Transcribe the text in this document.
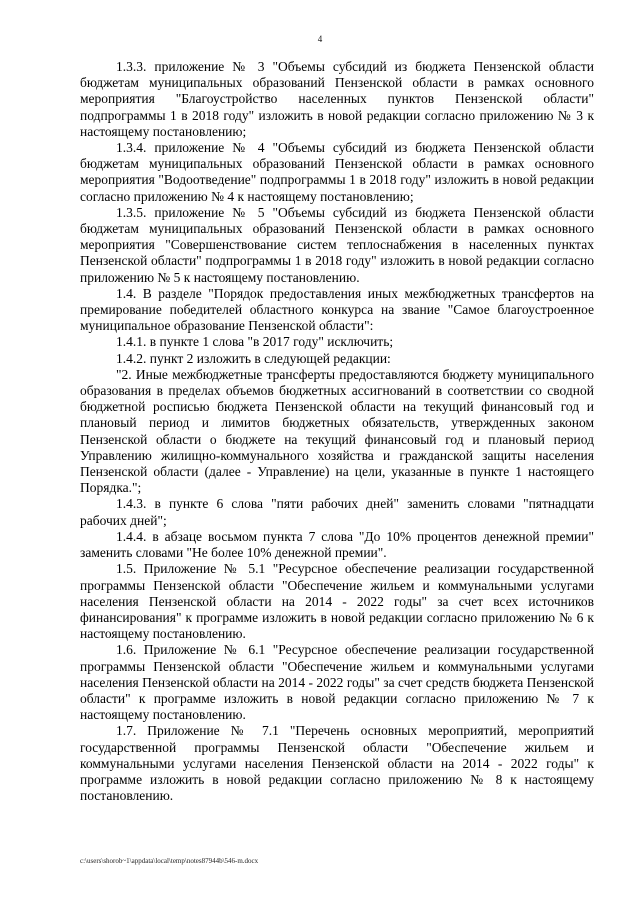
4

1.3.3. приложение № 3 "Объемы субсидий из бюджета Пензенской области бюджетам муниципальных образований Пензенской области в рамках основного мероприятия "Благоустройство населенных пунктов Пензенской области" подпрограммы 1 в 2018 году" изложить в новой редакции согласно приложению № 3 к настоящему постановлению;

1.3.4. приложение № 4 "Объемы субсидий из бюджета Пензенской области бюджетам муниципальных образований Пензенской области в рамках основного мероприятия "Водоотведение" подпрограммы 1 в 2018 году" изложить в новой редакции согласно приложению № 4 к настоящему постановлению;

1.3.5. приложение № 5 "Объемы субсидий из бюджета Пензенской области бюджетам муниципальных образований Пензенской области в рамках основного мероприятия "Совершенствование систем теплоснабжения в населенных пунктах Пензенской области" подпрограммы 1 в 2018 году" изложить в новой редакции согласно приложению № 5 к настоящему постановлению.

1.4. В разделе "Порядок предоставления иных межбюджетных трансфертов на премирование победителей областного конкурса на звание "Самое благоустроенное муниципальное образование Пензенской области":

1.4.1. в пункте 1 слова "в 2017 году" исключить;

1.4.2. пункт 2 изложить в следующей редакции:

"2. Иные межбюджетные трансферты предоставляются бюджету муниципального образования в пределах объемов бюджетных ассигнований в соответствии со сводной бюджетной росписью бюджета Пензенской области на текущий финансовый год и плановый период и лимитов бюджетных обязательств, утвержденных законом Пензенской области о бюджете на текущий финансовый год и плановый период Управлению жилищно-коммунального хозяйства и гражданской защиты населения Пензенской области (далее - Управление) на цели, указанные в пункте 1 настоящего Порядка.";

1.4.3. в пункте 6 слова "пяти рабочих дней" заменить словами "пятнадцати рабочих дней";

1.4.4. в абзаце восьмом пункта 7 слова "До 10% процентов денежной премии" заменить словами "Не более 10% денежной премии".

1.5. Приложение № 5.1 "Ресурсное обеспечение реализации государственной программы Пензенской области "Обеспечение жильем и коммунальными услугами населения Пензенской области на 2014 - 2022 годы" за счет всех источников финансирования" к программе изложить в новой редакции согласно приложению № 6 к настоящему постановлению.

1.6. Приложение № 6.1 "Ресурсное обеспечение реализации государственной программы Пензенской области "Обеспечение жильем и коммунальными услугами населения Пензенской области на 2014 - 2022 годы" за счет средств бюджета Пензенской области" к программе изложить в новой редакции согласно приложению № 7 к настоящему постановлению.

1.7. Приложение № 7.1 "Перечень основных мероприятий, мероприятий государственной программы Пензенской области "Обеспечение жильем и коммунальными услугами населения Пензенской области на 2014 - 2022 годы" к программе изложить в новой редакции согласно приложению № 8 к настоящему постановлению.

c:\users\shorob~1\appdata\local\temp\notes87944b\546-m.docx
